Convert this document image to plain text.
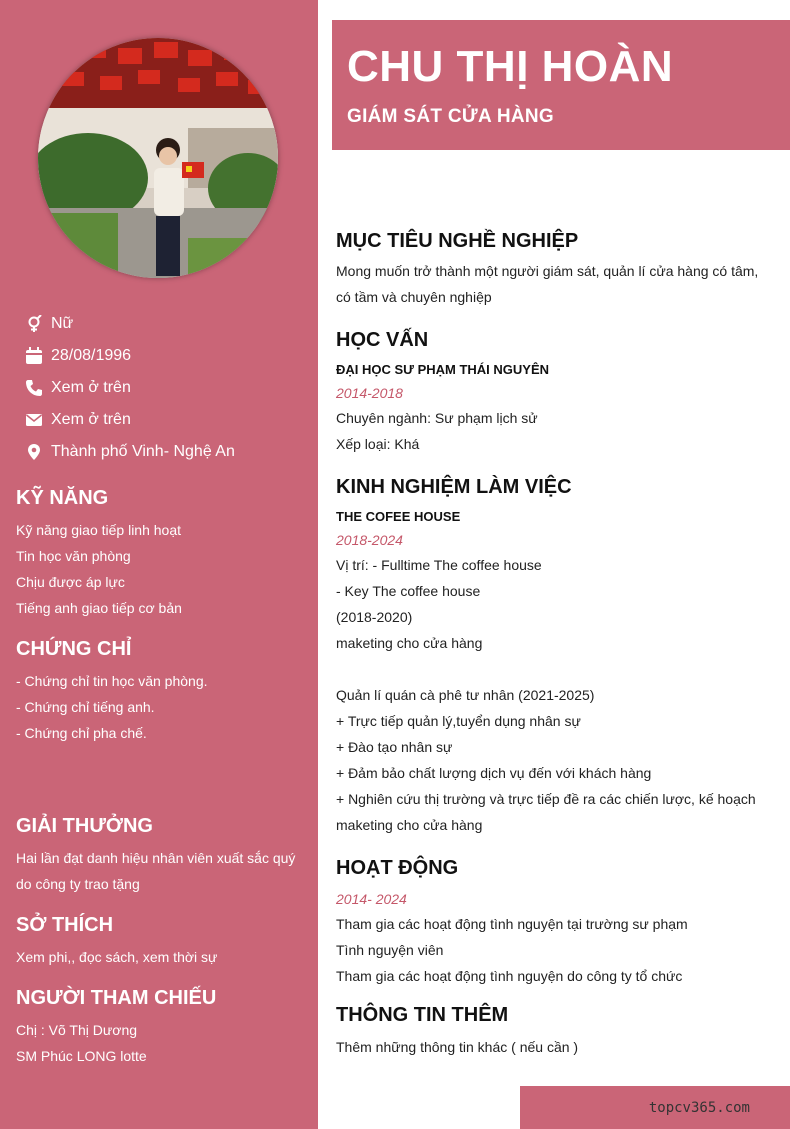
Nữ
28/08/1996
Xem ở trên
Xem ở trên
Thành phố Vinh- Nghệ An
KỸ NĂNG
Kỹ năng giao tiếp linh hoạt
Tin học văn phòng
Chịu được áp lực
Tiếng anh giao tiếp cơ bản
CHỨNG CHỈ
- Chứng chỉ tin học văn phòng.
- Chứng chỉ tiếng anh.
- Chứng chỉ pha chế.
GIẢI THƯỞNG
Hai lần đạt danh hiệu nhân viên xuất sắc quý
do công ty trao tặng
SỞ THÍCH
Xem phi,, đọc sách, xem thời sự
NGƯỜI THAM CHIẾU
Chị : Võ Thị Dương
SM Phúc LONG lotte
CHU THỊ HOÀN
GIÁM SÁT CỬA HÀNG
MỤC TIÊU NGHỀ NGHIỆP
Mong muốn trở thành một người giám sát, quản lí cửa hàng có tâm,
có tầm và chuyên nghiệp
HỌC VẤN
ĐẠI HỌC SƯ PHẠM THÁI NGUYÊN
2014-2018
Chuyên ngành: Sư phạm lịch sử
Xếp loại: Khá
KINH NGHIỆM LÀM VIỆC
THE COFEE HOUSE
2018-2024
Vị trí: - Fulltime The coffee house
- Key The coffee house
(2018-2020)
maketing cho cửa hàng
Quản lí quán cà phê tư nhân (2021-2025)
+ Trực tiếp quản lý,tuyển dụng nhân sự
+ Đào tạo nhân sự
+ Đảm bảo chất lượng dịch vụ đến với khách hàng
+ Nghiên cứu thị trường và trực tiếp đề ra các chiến lược, kế hoạch
maketing cho cửa hàng
HOẠT ĐỘNG
2014- 2024
Tham gia các hoạt động tình nguyện tại trường sư phạm
Tình nguyện viên
Tham gia các hoạt động tình nguyện do công ty tổ chức
THÔNG TIN THÊM
Thêm những thông tin khác ( nếu cần )
topcv365.com
